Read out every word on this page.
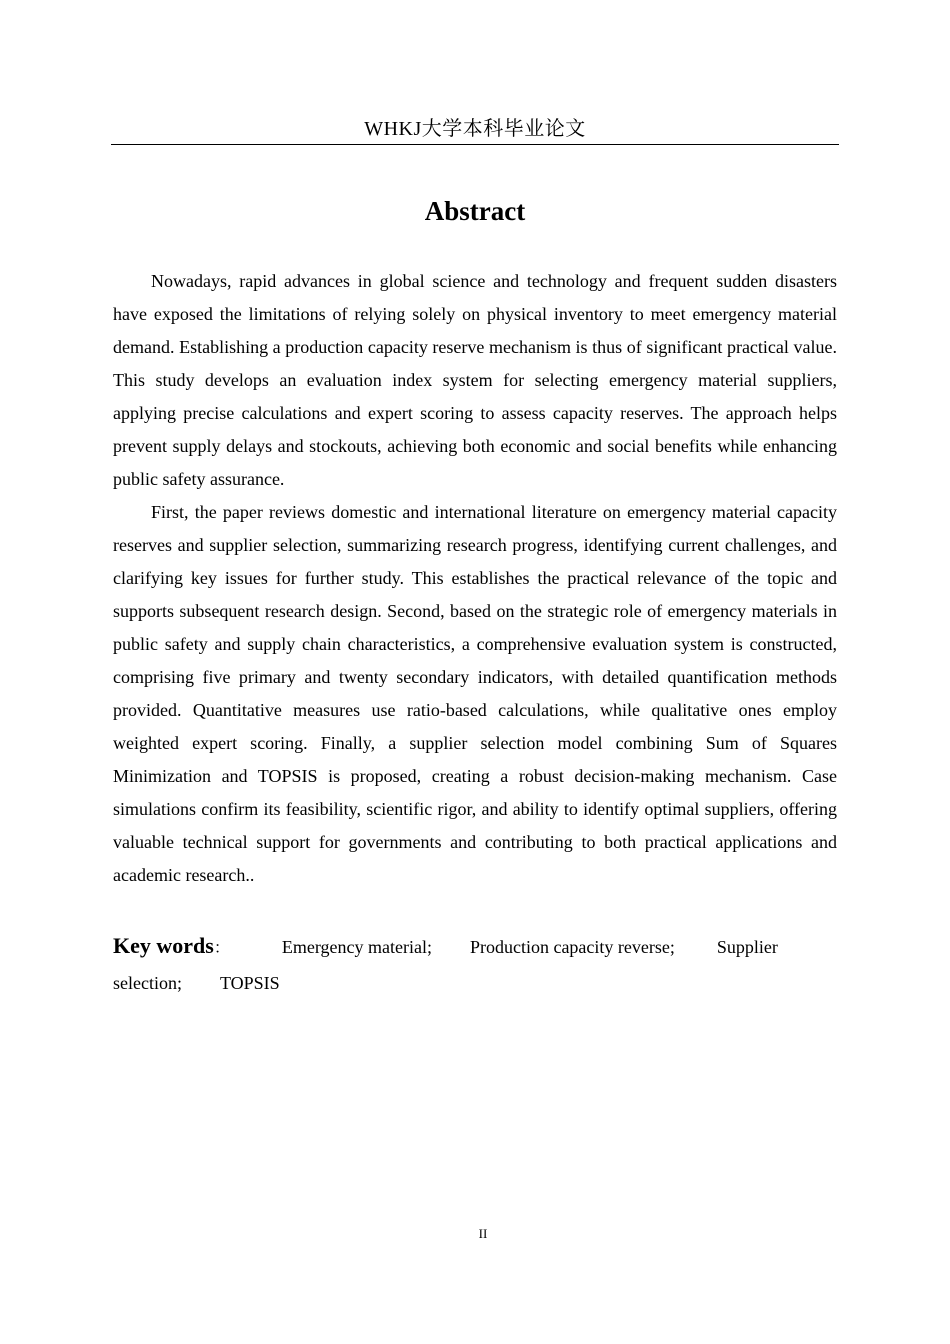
WHKJ大学本科毕业论文
Abstract

Nowadays, rapid advances in global science and technology and frequent sudden disasters have exposed the limitations of relying solely on physical inventory to meet emergency material demand. Establishing a production capacity reserve mechanism is thus of significant practical value. This study develops an evaluation index system for selecting emergency material suppliers, applying precise calculations and expert scoring to assess capacity reserves. The approach helps prevent supply delays and stockouts, achieving both economic and social benefits while enhancing public safety assurance.

First, the paper reviews domestic and international literature on emergency material capacity reserves and supplier selection, summarizing research progress, identifying current challenges, and clarifying key issues for further study. This establishes the practical relevance of the topic and supports subsequent research design. Second, based on the strategic role of emergency materials in public safety and supply chain characteristics, a comprehensive evaluation system is constructed, comprising five primary and twenty secondary indicators, with detailed quantification methods provided. Quantitative measures use ratio-based calculations, while qualitative ones employ weighted expert scoring. Finally, a supplier selection model combining Sum of Squares Minimization and TOPSIS is proposed, creating a robust decision-making mechanism. Case simulations confirm its feasibility, scientific rigor, and ability to identify optimal suppliers, offering valuable technical support for governments and contributing to both practical applications and academic research..

Key words：	Emergency material; Production capacity reverse; Supplier
selection; TOPSIS
II
